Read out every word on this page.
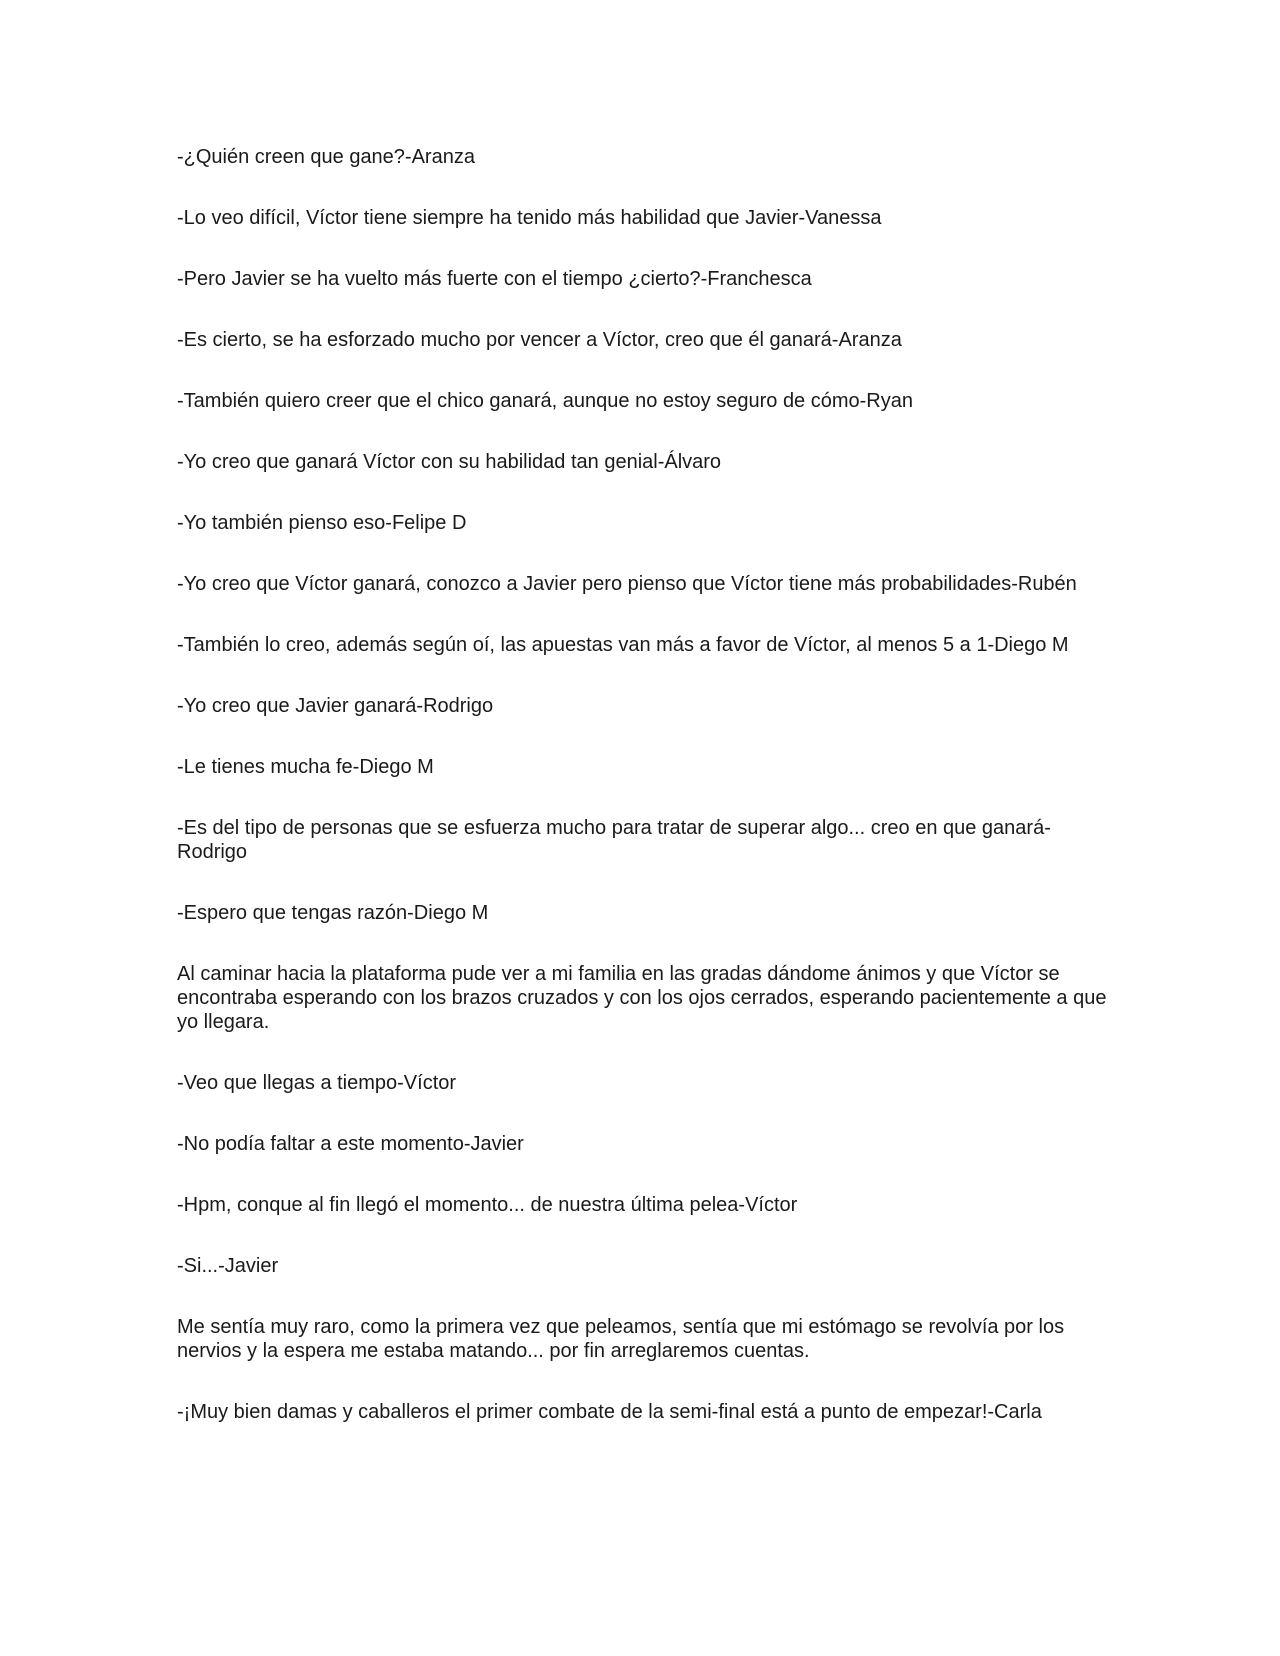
-¿Quién creen que gane?-Aranza

-Lo veo difícil, Víctor tiene siempre ha tenido más habilidad que Javier-Vanessa

-Pero Javier se ha vuelto más fuerte con el tiempo ¿cierto?-Franchesca

-Es cierto, se ha esforzado mucho por vencer a Víctor, creo que él ganará-Aranza

-También quiero creer que el chico ganará, aunque no estoy seguro de cómo-Ryan

-Yo creo que ganará Víctor con su habilidad tan genial-Álvaro

-Yo también pienso eso-Felipe D

-Yo creo que Víctor ganará, conozco a Javier pero pienso que Víctor tiene más probabilidades-Rubén

-También lo creo, además según oí, las apuestas van más a favor de Víctor, al menos 5 a 1-Diego M

-Yo creo que Javier ganará-Rodrigo

-Le tienes mucha fe-Diego M

-Es del tipo de personas que se esfuerza mucho para tratar de superar algo... creo en que ganará-Rodrigo

-Espero que tengas razón-Diego M

Al caminar hacia la plataforma pude ver a mi familia en las gradas dándome ánimos y que Víctor se encontraba esperando con los brazos cruzados y con los ojos cerrados, esperando pacientemente a que yo llegara.

-Veo que llegas a tiempo-Víctor

-No podía faltar a este momento-Javier

-Hpm, conque al fin llegó el momento... de nuestra última pelea-Víctor

-Si...-Javier

Me sentía muy raro, como la primera vez que peleamos, sentía que mi estómago se revolvía por los nervios y la espera me estaba matando... por fin arreglaremos cuentas.

-¡Muy bien damas y caballeros el primer combate de la semi-final está a punto de empezar!-Carla
